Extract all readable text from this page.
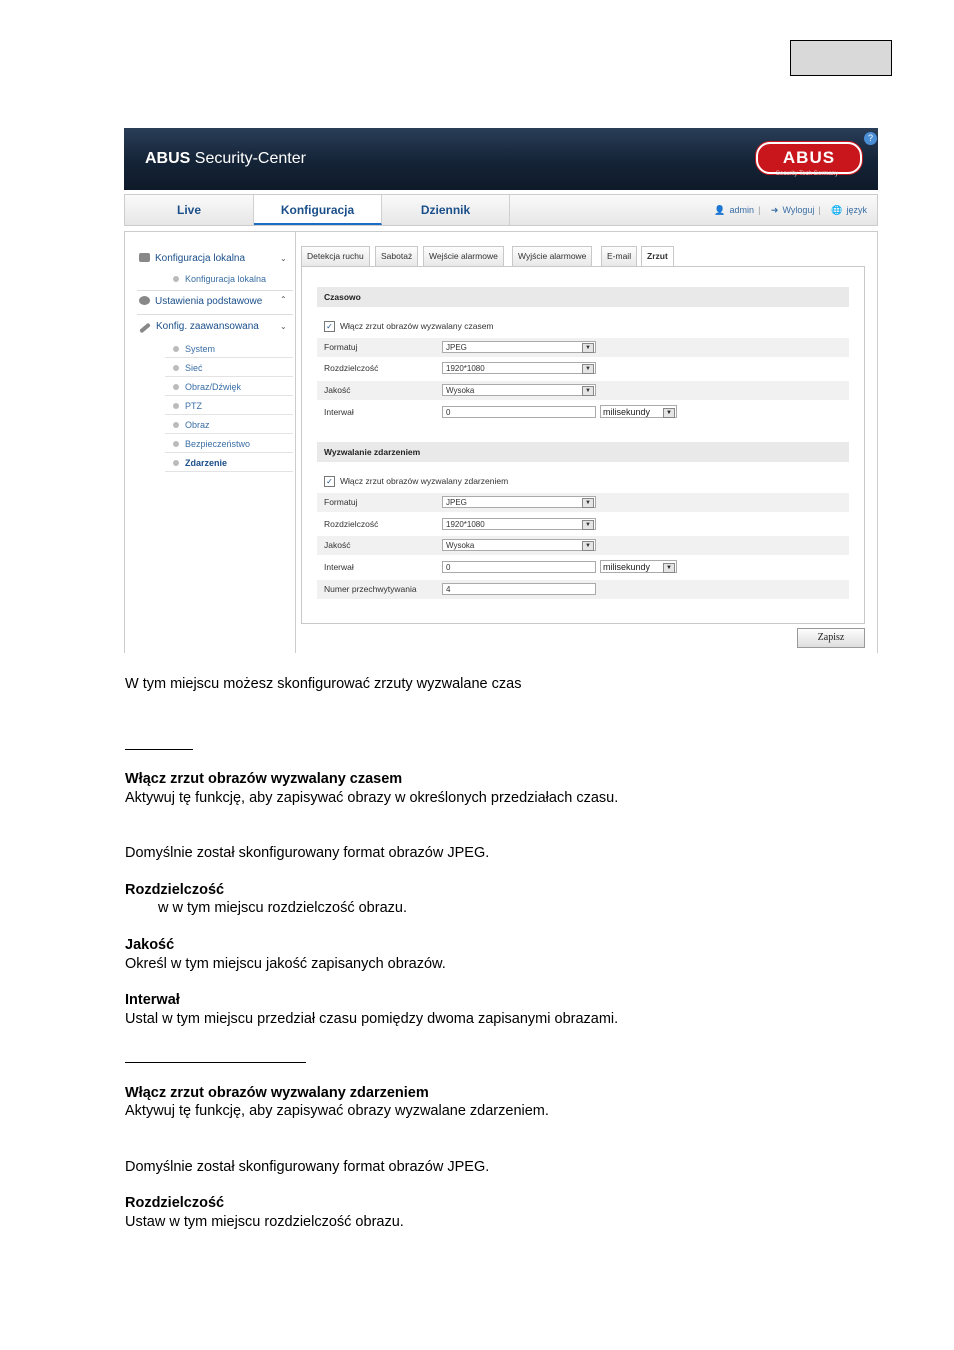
ABUS Security-Center	ABUS
Security Tech Germany
?
Live	Konfiguracja	Dziennik	👤 admin | ➜ Wyloguj | 🌐 język
Konfiguracja lokalna	⌄
Konfiguracja lokalna
Ustawienia podstawowe ⌃
Konfig. zaawansowana	⌄
System
Sieć
Obraz/Dźwięk
PTZ
Obraz
Bezpieczeństwo
Zdarzenie
Detekcja ruchu	Sabotaż	Wejście alarmowe	Wyjście alarmowe	E-mail	Zrzut
Czasowo
✓ Włącz zrzut obrazów wyzwalany czasem
Formatuj	JPEG	▼
Rozdzielczość	1920*1080	▼
Jakość	Wysoka	▼
Interwał	0	milisekundy	▼
Wyzwalanie zdarzeniem
✓ Włącz zrzut obrazów wyzwalany zdarzeniem
Formatuj	JPEG	▼
Rozdzielczość	1920*1080	▼
Jakość	Wysoka	▼
Interwał	0	milisekundy	▼
Numer przechwytywania	4
Zapisz
W tym miejscu możesz skonfigurować zrzuty wyzwalane czas
Włącz zrzut obrazów wyzwalany czasem
Aktywuj tę funkcję, aby zapisywać obrazy w określonych przedziałach czasu.
Domyślnie został skonfigurowany format obrazów JPEG.
Rozdzielczość
w w tym miejscu rozdzielczość obrazu.
Jakość
Określ w tym miejscu jakość zapisanych obrazów.
Interwał
Ustal w tym miejscu przedział czasu pomiędzy dwoma zapisanymi obrazami.
Włącz zrzut obrazów wyzwalany zdarzeniem
Aktywuj tę funkcję, aby zapisywać obrazy wyzwalane zdarzeniem.
Domyślnie został skonfigurowany format obrazów JPEG.
Rozdzielczość
Ustaw w tym miejscu rozdzielczość obrazu.
